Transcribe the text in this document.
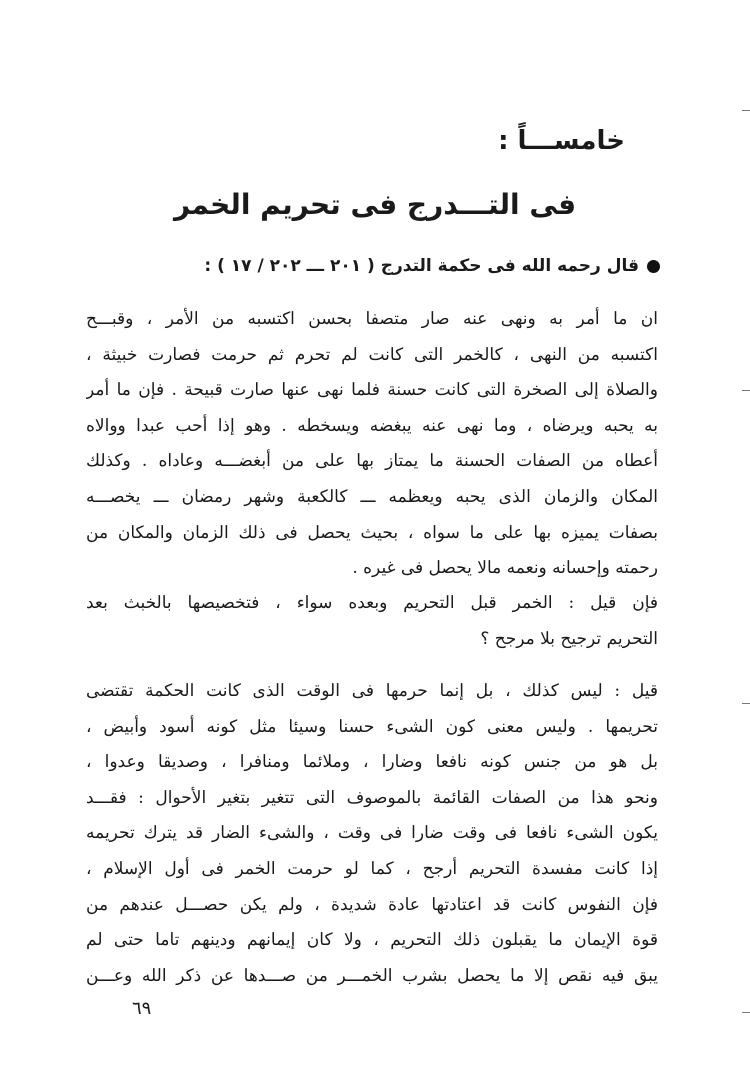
خامســـاً :
فى التـــدرج فى تحريم الخمر

قال رحمه الله فى حكمة التدرج ( ٢٠١ ـــ ٢٠٢ / ١٧ ) :

ان ما أمر به ونهى عنه صار متصفا بحسن اكتسبه من الأمر ، وقبـــح
اكتسبه من النهى ، كالخمر التى كانت لم تحرم ثم حرمت فصارت خبيثة ،
والصلاة إلى الصخرة التى كانت حسنة فلما نهى عنها صارت قبيحة . فإن ما أمر
به يحبه ويرضاه ، وما نهى عنه يبغضه ويسخطه . وهو إذا أحب عبدا ووالاه
أعطاه من الصفات الحسنة ما يمتاز بها على من أبغضـــه وعاداه . وكذلك
المكان والزمان الذى يحبه ويعظمه ـــ كالكعبة وشهر رمضان ـــ يخصـــه
بصفات يميزه بها على ما سواه ، بحيث يحصل فى ذلك الزمان والمكان من
رحمته وإحسانه ونعمه مالا يحصل فى غيره .

فإن قيل : الخمر قبل التحريم وبعده سواء ، فتخصيصها بالخبث بعد
التحريم ترجيح بلا مرجح ؟

قيل : ليس كذلك ، بل إنما حرمها فى الوقت الذى كانت الحكمة تقتضى
تحريمها . وليس معنى كون الشىء حسنا وسيئا مثل كونه أسود وأبيض ،
بل هو من جنس كونه نافعا وضارا ، وملائما ومنافرا ، وصديقا وعدوا ،
ونحو هذا من الصفات القائمة بالموصوف التى تتغير بتغير الأحوال : فقـــد
يكون الشىء نافعا فى وقت ضارا فى وقت ، والشىء الضار قد يترك تحريمه
إذا كانت مفسدة التحريم أرجح ، كما لو حرمت الخمر فى أول الإسلام ،
فإن النفوس كانت قد اعتادتها عادة شديدة ، ولم يكن حصـــل عندهم من
قوة الإيمان ما يقبلون ذلك التحريم ، ولا كان إيمانهم ودينهم تاما حتى لم
يبق فيه نقص إلا ما يحصل بشرب الخمـــر من صـــدها عن ذكر الله وعـــن

٦٩
